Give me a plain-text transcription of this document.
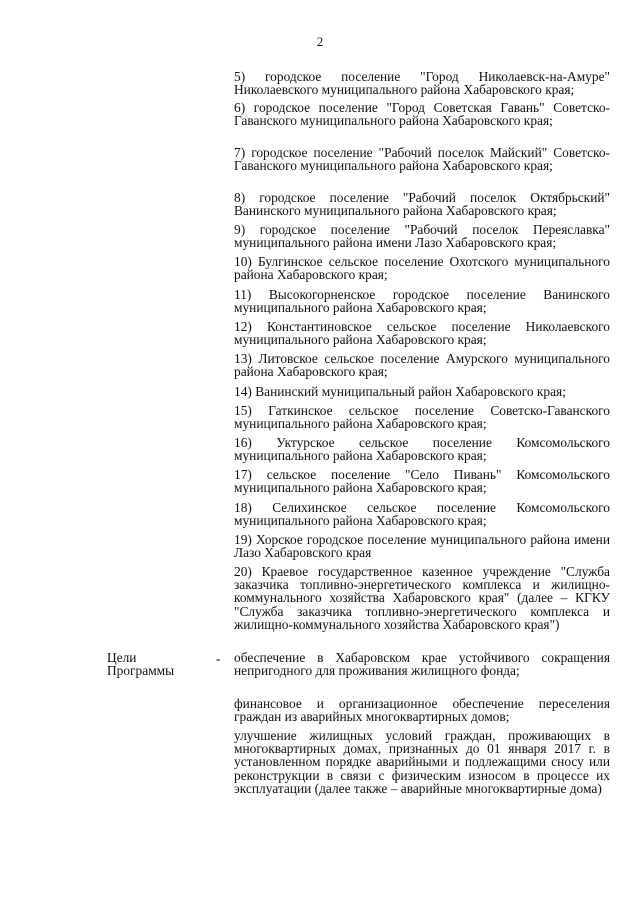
2
5) городское поселение "Город Николаевск-на-Амуре" Николаевского муниципального района Хабаровского края;
6) городское поселение "Город Советская Гавань" Советско-Гаванского муниципального района Хабаровского края;
7) городское поселение "Рабочий поселок Майский" Советско-Гаванского муниципального района Хабаровского края;
8) городское поселение "Рабочий поселок Октябрьский" Ванинского муниципального района Хабаровского края;
9) городское поселение "Рабочий поселок Переяславка" муниципального района имени Лазо Хабаровского края;
10) Булгинское сельское поселение Охотского муниципального района Хабаровского края;
11) Высокогорненское городское поселение Ванинского муниципального района Хабаровского края;
12) Константиновское сельское поселение Николаевского муниципального района Хабаровского края;
13) Литовское сельское поселение Амурского муниципального района Хабаровского края;
14) Ванинский муниципальный район Хабаровского края;
15) Гаткинское сельское поселение Советско-Гаванского муниципального района Хабаровского края;
16) Уктурское сельское поселение Комсомольского муниципального района Хабаровского края;
17) сельское поселение "Село Пивань" Комсомольского муниципального района Хабаровского края;
18) Селихинское сельское поселение Комсомольского муниципального района Хабаровского края;
19) Хорское городское поселение муниципального района имени Лазо Хабаровского края
20) Краевое государственное казенное учреждение "Служба заказчика топливно-энергетического комплекса и жилищно-коммунального хозяйства Хабаровского края" (далее – КГКУ "Служба заказчика топливно-энергетического комплекса и жилищно-коммунального хозяйства Хабаровского края")
Цели
Программы
- обеспечение в Хабаровском крае устойчивого сокращения непригодного для проживания жилищного фонда;
финансовое и организационное обеспечение переселения граждан из аварийных многоквартирных домов;
улучшение жилищных условий граждан, проживающих в многоквартирных домах, признанных до 01 января 2017 г. в установленном порядке аварийными и подлежащими сносу или реконструкции в связи с физическим износом в процессе их эксплуатации (далее также – аварийные многоквартирные дома)
